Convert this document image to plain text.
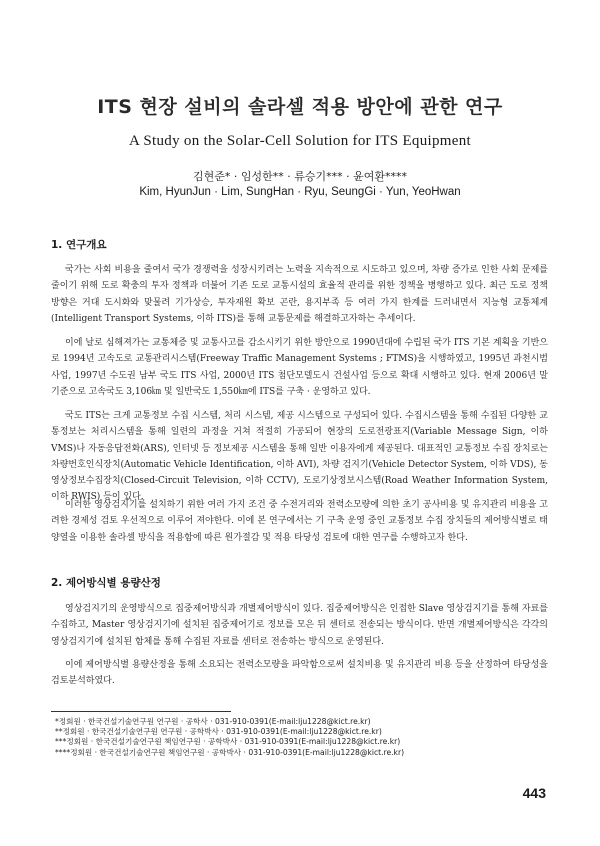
ITS 현장 설비의 솔라셀 적용 방안에 관한 연구
A Study on the Solar-Cell Solution for ITS Equipment
김현준* · 임성한** · 류승기*** · 윤여환****
Kim, HyunJun · Lim, SungHan · Ryu, SeungGi · Yun, YeoHwan
1. 연구개요

국가는 사회 비용을 줄여서 국가 경쟁력을 성장시키려는 노력을 지속적으로 시도하고 있으며, 차량 증가로 인한 사회 문제를 줄이기 위해 도로 확충의 투자 정책과 더불어 기존 도로 교통시설의 효율적 관리를 위한 정책을 병행하고 있다. 최근 도로 정책방향은 거대 도시화와 맞물려 기가상승, 투자재원 확보 곤란, 용지부족 등 여러 가지 한계를 드러내면서 지능형 교통체계(Intelligent Transport Systems, 이하 ITS)를 통해 교통문제를 해결하고자하는 추세이다.

이에 날로 심해져가는 교통체증 및 교통사고를 감소시키기 위한 방안으로 1990년대에 수립된 국가 ITS 기본 계획을 기반으로 1994년 고속도로 교통관리시스템(Freeway Traffic Management Systems ; FTMS)을 시행하였고, 1995년 과천시범사업, 1997년 수도권 남부 국도 ITS 사업, 2000년 ITS 첨단모델도시 건설사업 등으로 확대 시행하고 있다. 현재 2006년 말 기준으로 고속국도 3,106㎞ 및 일반국도 1,550㎞에 ITS를 구축 · 운영하고 있다.

국도 ITS는 크게 교통정보 수집 시스템, 처리 시스템, 제공 시스템으로 구성되어 있다. 수집시스템을 통해 수집된 다양한 교통정보는 처리시스템을 통해 일련의 과정을 거쳐 적절히 가공되어 현장의 도로전광표지(Variable Message Sign, 이하 VMS)나 자동응답전화(ARS), 인터넷 등 정보제공 시스템을 통해 일반 이용자에게 제공된다. 대표적인 교통정보 수집 장치로는 차량번호인식장치(Automatic Vehicle Identification, 이하 AVI), 차량 검지기(Vehicle Detector System, 이하 VDS), 동영상정보수집장치(Closed-Circuit Television, 이하 CCTV), 도로기상정보시스템(Road Weather Information System, 이하 RWIS) 등이 있다.

이러한 영상검지기를 설치하기 위한 여러 가지 조건 중 수전거리와 전력소모량에 의한 초기 공사비용 및 유지관리 비용을 고려한 경제성 검토 우선적으로 이루어 져야한다. 이에 본 연구에서는 기 구축 운영 중인 교통정보 수집 장치들의 제어방식별로 태양열을 이용한 솔라셀 방식을 적용함에 따른 원가절감 및 적용 타당성 검토에 대한 연구를 수행하고자 한다.

2. 제어방식별 용량산정

영상검지기의 운영방식으로 집중제어방식과 개별제어방식이 있다. 집중제어방식은 인접한 Slave 영상검지기를 통해 자료를 수집하고, Master 영상검지기에 설치된 집중제어기로 정보를 모은 뒤 센터로 전송되는 방식이다. 반면 개별제어방식은 각각의 영상검지기에 설치된 함체를 통해 수집된 자료를 센터로 전송하는 방식으로 운영된다.

이에 제어방식별 용량산정을 통해 소요되는 전력소모량을 파악함으로써 설치비용 및 유지관리 비용 등을 산정하여 타당성을 검토분석하였다.

*정회원 · 한국건설기술연구원 연구원 · 공학사 · 031-910-0391(E-mail:lju1228@kict.re.kr)
**정회원 · 한국건설기술연구원 연구원 · 공학박사 · 031-910-0391(E-mail:lju1228@kict.re.kr)
***정회원 · 한국건설기술연구원 책임연구원 · 공학박사 · 031-910-0391(E-mail:lju1228@kict.re.kr)
****정회원 · 한국건설기술연구원 책임연구원 · 공학박사 · 031-910-0391(E-mail:lju1228@kict.re.kr)
443
